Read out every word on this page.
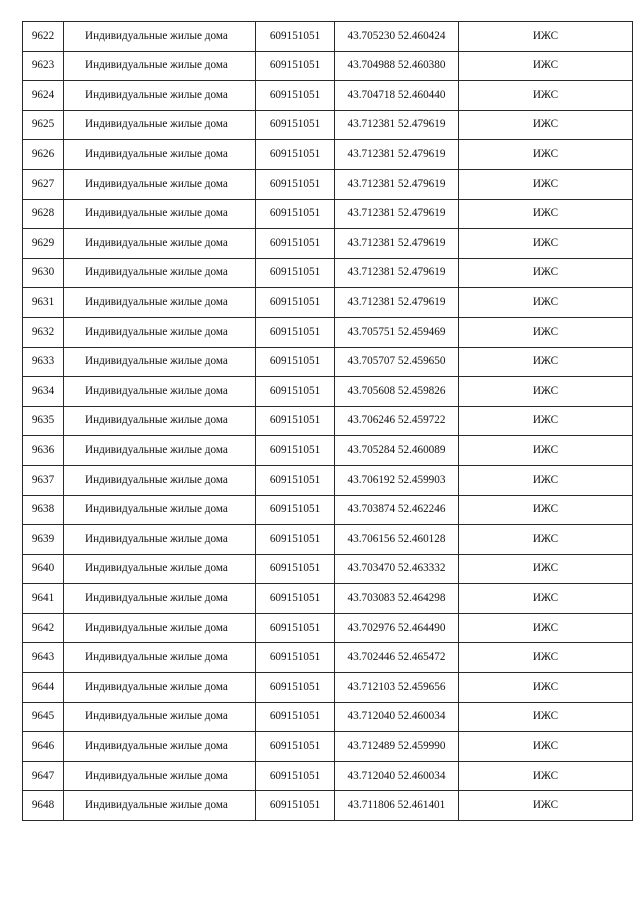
9622	Индивидуальные жилые дома	609151051	43.705230 52.460424	ИЖС
9623	Индивидуальные жилые дома	609151051	43.704988 52.460380	ИЖС
9624	Индивидуальные жилые дома	609151051	43.704718 52.460440	ИЖС
9625	Индивидуальные жилые дома	609151051	43.712381 52.479619	ИЖС
9626	Индивидуальные жилые дома	609151051	43.712381 52.479619	ИЖС
9627	Индивидуальные жилые дома	609151051	43.712381 52.479619	ИЖС
9628	Индивидуальные жилые дома	609151051	43.712381 52.479619	ИЖС
9629	Индивидуальные жилые дома	609151051	43.712381 52.479619	ИЖС
9630	Индивидуальные жилые дома	609151051	43.712381 52.479619	ИЖС
9631	Индивидуальные жилые дома	609151051	43.712381 52.479619	ИЖС
9632	Индивидуальные жилые дома	609151051	43.705751 52.459469	ИЖС
9633	Индивидуальные жилые дома	609151051	43.705707 52.459650	ИЖС
9634	Индивидуальные жилые дома	609151051	43.705608 52.459826	ИЖС
9635	Индивидуальные жилые дома	609151051	43.706246 52.459722	ИЖС
9636	Индивидуальные жилые дома	609151051	43.705284 52.460089	ИЖС
9637	Индивидуальные жилые дома	609151051	43.706192 52.459903	ИЖС
9638	Индивидуальные жилые дома	609151051	43.703874 52.462246	ИЖС
9639	Индивидуальные жилые дома	609151051	43.706156 52.460128	ИЖС
9640	Индивидуальные жилые дома	609151051	43.703470 52.463332	ИЖС
9641	Индивидуальные жилые дома	609151051	43.703083 52.464298	ИЖС
9642	Индивидуальные жилые дома	609151051	43.702976 52.464490	ИЖС
9643	Индивидуальные жилые дома	609151051	43.702446 52.465472	ИЖС
9644	Индивидуальные жилые дома	609151051	43.712103 52.459656	ИЖС
9645	Индивидуальные жилые дома	609151051	43.712040 52.460034	ИЖС
9646	Индивидуальные жилые дома	609151051	43.712489 52.459990	ИЖС
9647	Индивидуальные жилые дома	609151051	43.712040 52.460034	ИЖС
9648	Индивидуальные жилые дома	609151051	43.711806 52.461401	ИЖС
